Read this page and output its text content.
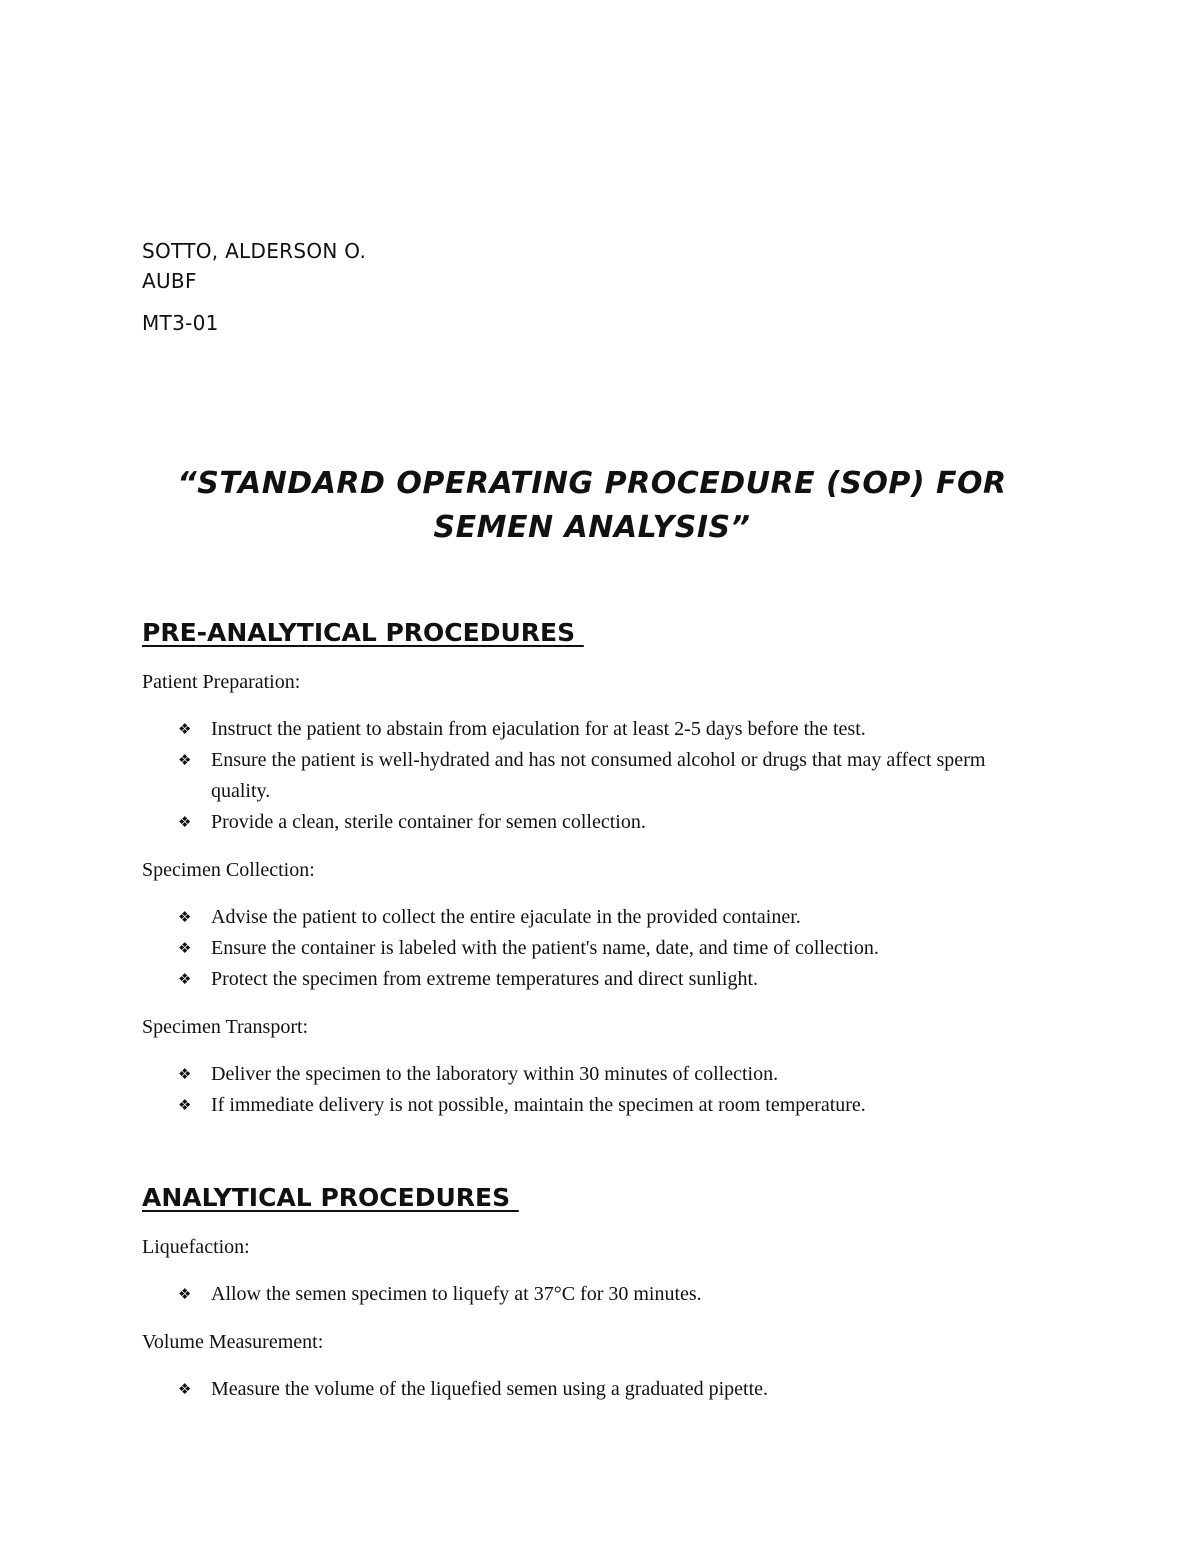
SOTTO, ALDERSON O.

AUBF

MT3-01

“STANDARD OPERATING PROCEDURE (SOP) FOR
SEMEN ANALYSIS”
PRE-ANALYTICAL PROCEDURES

Patient Preparation:

❖ Instruct the patient to abstain from ejaculation for at least 2-5 days before the test.
❖ Ensure the patient is well-hydrated and has not consumed alcohol or drugs that may affect sperm quality.
❖ Provide a clean, sterile container for semen collection.

Specimen Collection:

❖ Advise the patient to collect the entire ejaculate in the provided container.
❖ Ensure the container is labeled with the patient's name, date, and time of collection.
❖ Protect the specimen from extreme temperatures and direct sunlight.

Specimen Transport:

❖ Deliver the specimen to the laboratory within 30 minutes of collection.
❖ If immediate delivery is not possible, maintain the specimen at room temperature.
ANALYTICAL PROCEDURES

Liquefaction:

❖ Allow the semen specimen to liquefy at 37°C for 30 minutes.

Volume Measurement:

❖ Measure the volume of the liquefied semen using a graduated pipette.
